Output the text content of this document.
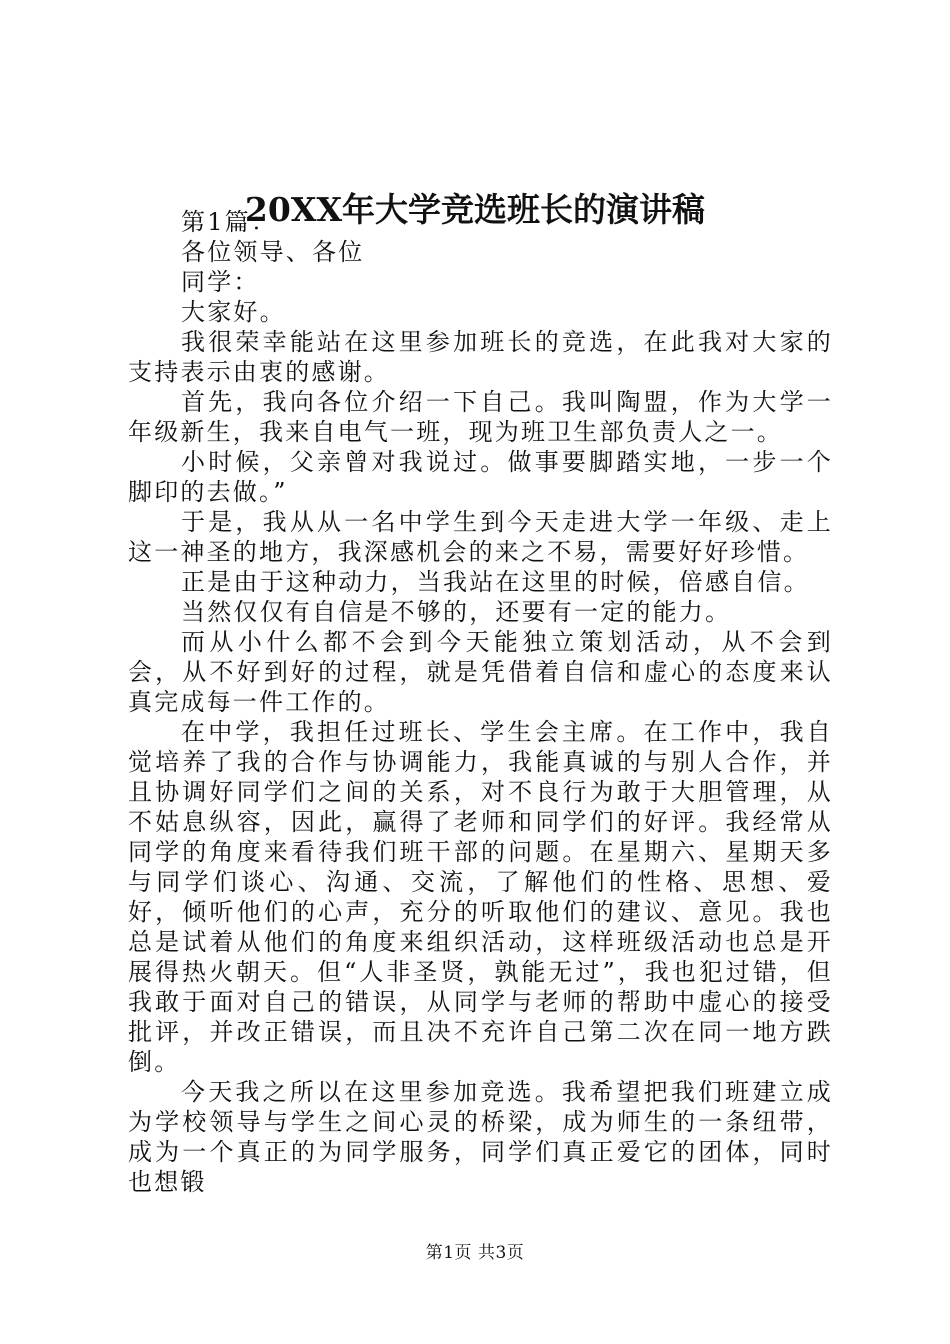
20XX年大学竞选班长的演讲稿

第1篇：

各位领导、各位

同学：

大家好。

我很荣幸能站在这里参加班长的竞选，在此我对大家的支持表示由衷的感谢。

首先，我向各位介绍一下自己。我叫陶盟，作为大学一年级新生，我来自电气一班，现为班卫生部负责人之一。

小时候，父亲曾对我说过。做事要脚踏实地，一步一个脚印的去做。”

于是，我从从一名中学生到今天走进大学一年级、走上这一神圣的地方，我深感机会的来之不易，需要好好珍惜。

正是由于这种动力，当我站在这里的时候，倍感自信。

当然仅仅有自信是不够的，还要有一定的能力。

而从小什么都不会到今天能独立策划活动，从不会到会，从不好到好的过程，就是凭借着自信和虚心的态度来认真完成每一件工作的。

在中学，我担任过班长、学生会主席。在工作中，我自觉培养了我的合作与协调能力，我能真诚的与别人合作，并且协调好同学们之间的关系，对不良行为敢于大胆管理，从不姑息纵容，因此，赢得了老师和同学们的好评。我经常从同学的角度来看待我们班干部的问题。在星期六、星期天多与同学们谈心、沟通、交流，了解他们的性格、思想、爱好，倾听他们的心声，充分的听取他们的建议、意见。我也总是试着从他们的角度来组织活动，这样班级活动也总是开展得热火朝天。但“人非圣贤，孰能无过”，我也犯过错，但我敢于面对自己的错误，从同学与老师的帮助中虚心的接受批评，并改正错误，而且决不充许自己第二次在同一地方跌倒。

今天我之所以在这里参加竞选。我希望把我们班建立成为学校领导与学生之间心灵的桥梁，成为师生的一条纽带，成为一个真正的为同学服务，同学们真正爱它的团体，同时也想锻

第1页 共3页
